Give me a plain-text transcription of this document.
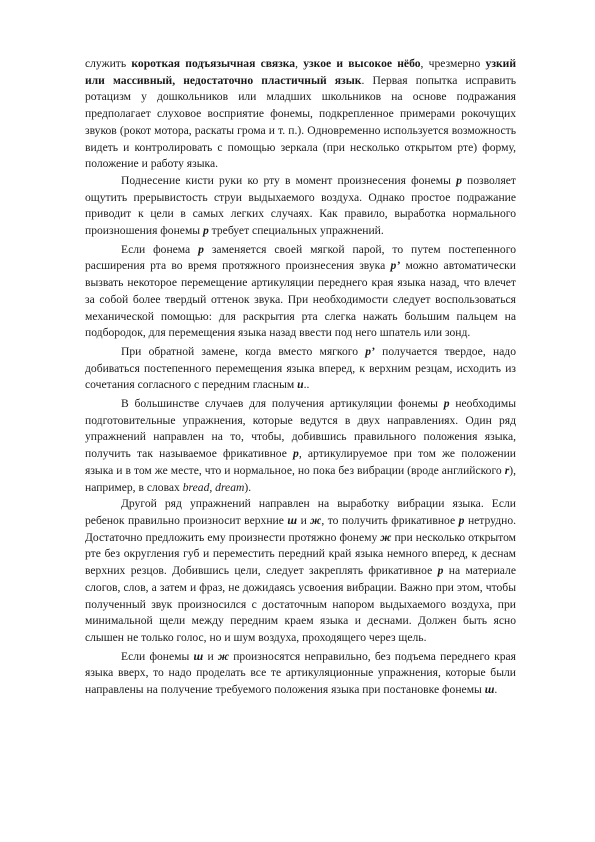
служить короткая подъязычная связка, узкое и высокое нёбо, чрезмерно узкий или массивный, недостаточно пластичный язык. Первая попытка исправить ротацизм у дошкольников или младших школьников на основе подражания предполагает слуховое восприятие фонемы, подкрепленное примерами рокочущих звуков (рокот мотора, раскаты грома и т. п.). Одновременно используется возможность видеть и контролировать с помощью зеркала (при несколько открытом рте) форму, положение и работу языка.

Поднесение кисти руки ко рту в момент произнесения фонемы р позволяет ощутить прерывистость струи выдыхаемого воздуха. Однако простое подражание приводит к цели в самых легких случаях. Как правило, выработка нормального произношения фонемы р требует специальных упражнений.

Если фонема р заменяется своей мягкой парой, то путем постепенного расширения рта во время протяжного произнесения звука р’ можно автоматически вызвать некоторое перемещение артикуляции переднего края языка назад, что влечет за собой более твердый оттенок звука. При необходимости следует воспользоваться механической помощью: для раскрытия рта слегка нажать большим пальцем на подбородок, для перемещения языка назад ввести под него шпатель или зонд.

При обратной замене, когда вместо мягкого р’ получается твердое, надо добиваться постепенного перемещения языка вперед, к верхним резцам, исходить из сочетания согласного с передним гласным и..

В большинстве случаев для получения артикуляции фонемы р необходимы подготовительные упражнения, которые ведутся в двух направлениях. Один ряд упражнений направлен на то, чтобы, добившись правильного положения языка, получить так называемое фрикативное р, артикулируемое при том же положении языка и в том же месте, что и нормальное, но пока без вибрации (вроде английского r), например, в словах bread, dream).

Другой ряд упражнений направлен на выработку вибрации языка. Если ребенок правильно произносит верхние ш и ж, то получить фрикативное р нетрудно. Достаточно предложить ему произнести протяжно фонему ж при несколько открытом рте без округления губ и переместить передний край языка немного вперед, к деснам верхних резцов. Добившись цели, следует закреплять фрикативное р на материале слогов, слов, а затем и фраз, не дожидаясь усвоения вибрации. Важно при этом, чтобы полученный звук произносился с достаточным напором выдыхаемого воздуха, при минимальной щели между передним краем языка и деснами. Должен быть ясно слышен не только голос, но и шум воздуха, проходящего через щель.

Если фонемы ш и ж произносятся неправильно, без подъема переднего края языка вверх, то надо проделать все те артикуляционные упражнения, которые были направлены на получение требуемого положения языка при постановке фонемы ш.
